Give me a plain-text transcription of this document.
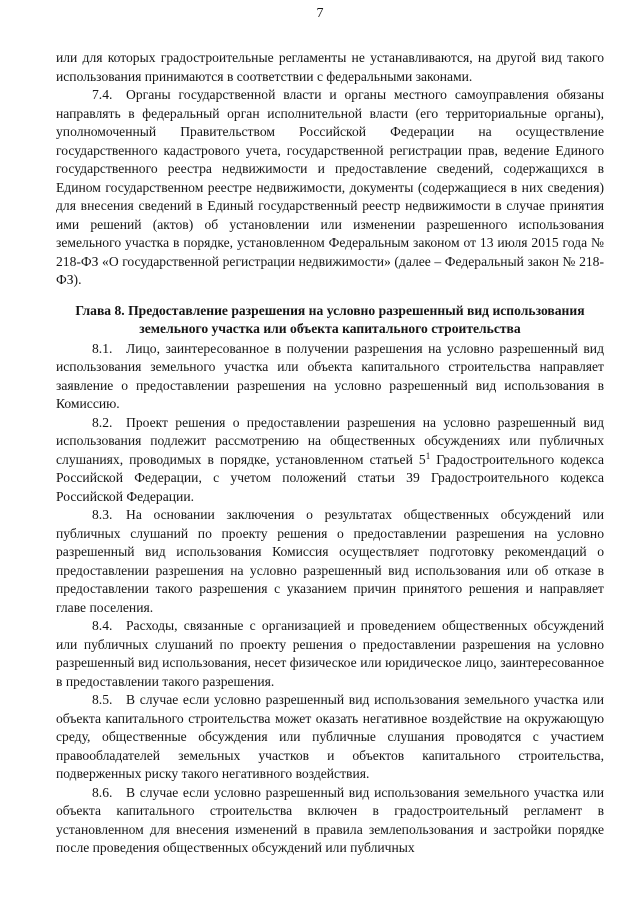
7

или для которых градостроительные регламенты не устанавливаются, на другой вид такого использования принимаются в соответствии с федеральными законами.

7.4. Органы государственной власти и органы местного самоуправления обязаны направлять в федеральный орган исполнительной власти (его территориальные органы), уполномоченный Правительством Российской Федерации на осуществление государственного кадастрового учета, государственной регистрации прав, ведение Единого государственного реестра недвижимости и предоставление сведений, содержащихся в Едином государственном реестре недвижимости, документы (содержащиеся в них сведения) для внесения сведений в Единый государственный реестр недвижимости в случае принятия ими решений (актов) об установлении или изменении разрешенного использования земельного участка в порядке, установленном Федеральным законом от 13 июля 2015 года № 218-ФЗ «О государственной регистрации недвижимости» (далее – Федеральный закон № 218-ФЗ).

Глава 8. Предоставление разрешения на условно разрешенный вид использования земельного участка или объекта капитального строительства

8.1. Лицо, заинтересованное в получении разрешения на условно разрешенный вид использования земельного участка или объекта капитального строительства направляет заявление о предоставлении разрешения на условно разрешенный вид использования в Комиссию.

8.2. Проект решения о предоставлении разрешения на условно разрешенный вид использования подлежит рассмотрению на общественных обсуждениях или публичных слушаниях, проводимых в порядке, установленном статьей $5^1$ Градостроительного кодекса Российской Федерации, с учетом положений статьи 39 Градостроительного кодекса Российской Федерации.

8.3. На основании заключения о результатах общественных обсуждений или публичных слушаний по проекту решения о предоставлении разрешения на условно разрешенный вид использования Комиссия осуществляет подготовку рекомендаций о предоставлении разрешения на условно разрешенный вид использования или об отказе в предоставлении такого разрешения с указанием причин принятого решения и направляет главе поселения.

8.4. Расходы, связанные с организацией и проведением общественных обсуждений или публичных слушаний по проекту решения о предоставлении разрешения на условно разрешенный вид использования, несет физическое или юридическое лицо, заинтересованное в предоставлении такого разрешения.

8.5. В случае если условно разрешенный вид использования земельного участка или объекта капитального строительства может оказать негативное воздействие на окружающую среду, общественные обсуждения или публичные слушания проводятся с участием правообладателей земельных участков и объектов капитального строительства, подверженных риску такого негативного воздействия.

8.6. В случае если условно разрешенный вид использования земельного участка или объекта капитального строительства включен в градостроительный регламент в установленном для внесения изменений в правила землепользования и застройки порядке после проведения общественных обсуждений или публичных
